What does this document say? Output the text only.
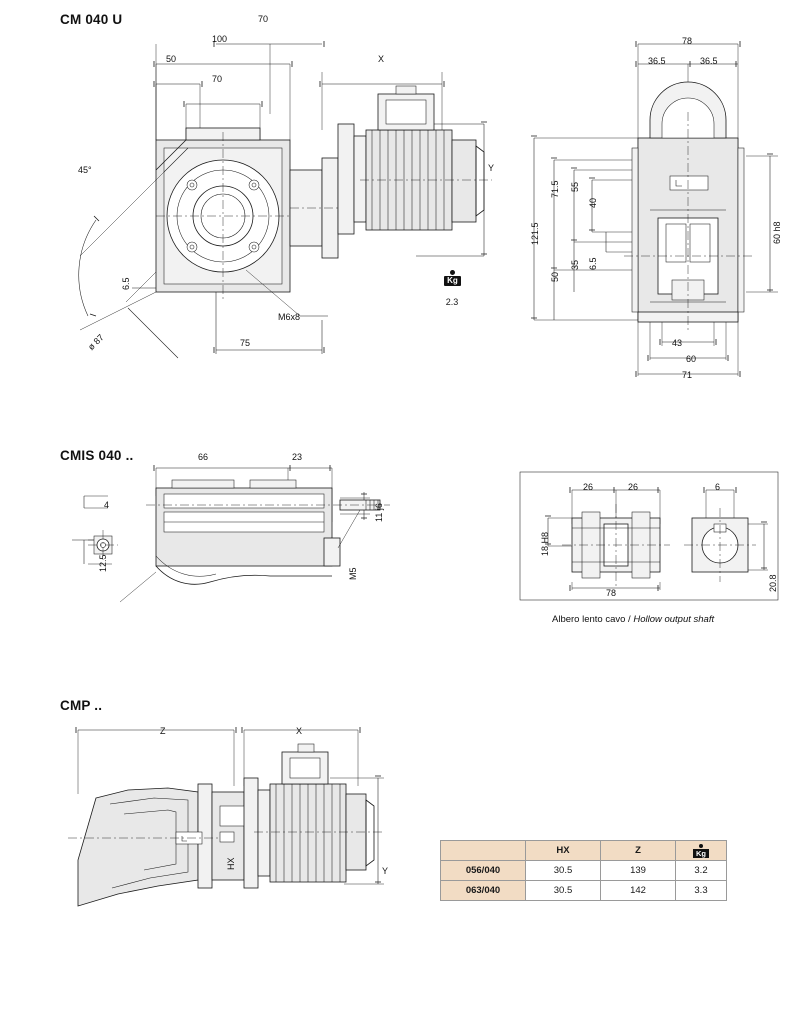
CM 040 U	70
100
50
70
X
Y
45°
6.5
75
M6x8
ø 87
Kg
2.3
78
36.5	36.5
121.5
71.5 55
40
50
35 6.5
60 h8
43
60
71
CMIS 040 ..	66	23
11 j6
4
12.5
M5
26	26	6
18 H8
78
20.8
Albero lento cavo / Hollow output shaft
CMP ..
Z	X
HX
Y
	HX	Z	Kg

056/040	30.5	139	3.2
063/040	30.5	142	3.3
